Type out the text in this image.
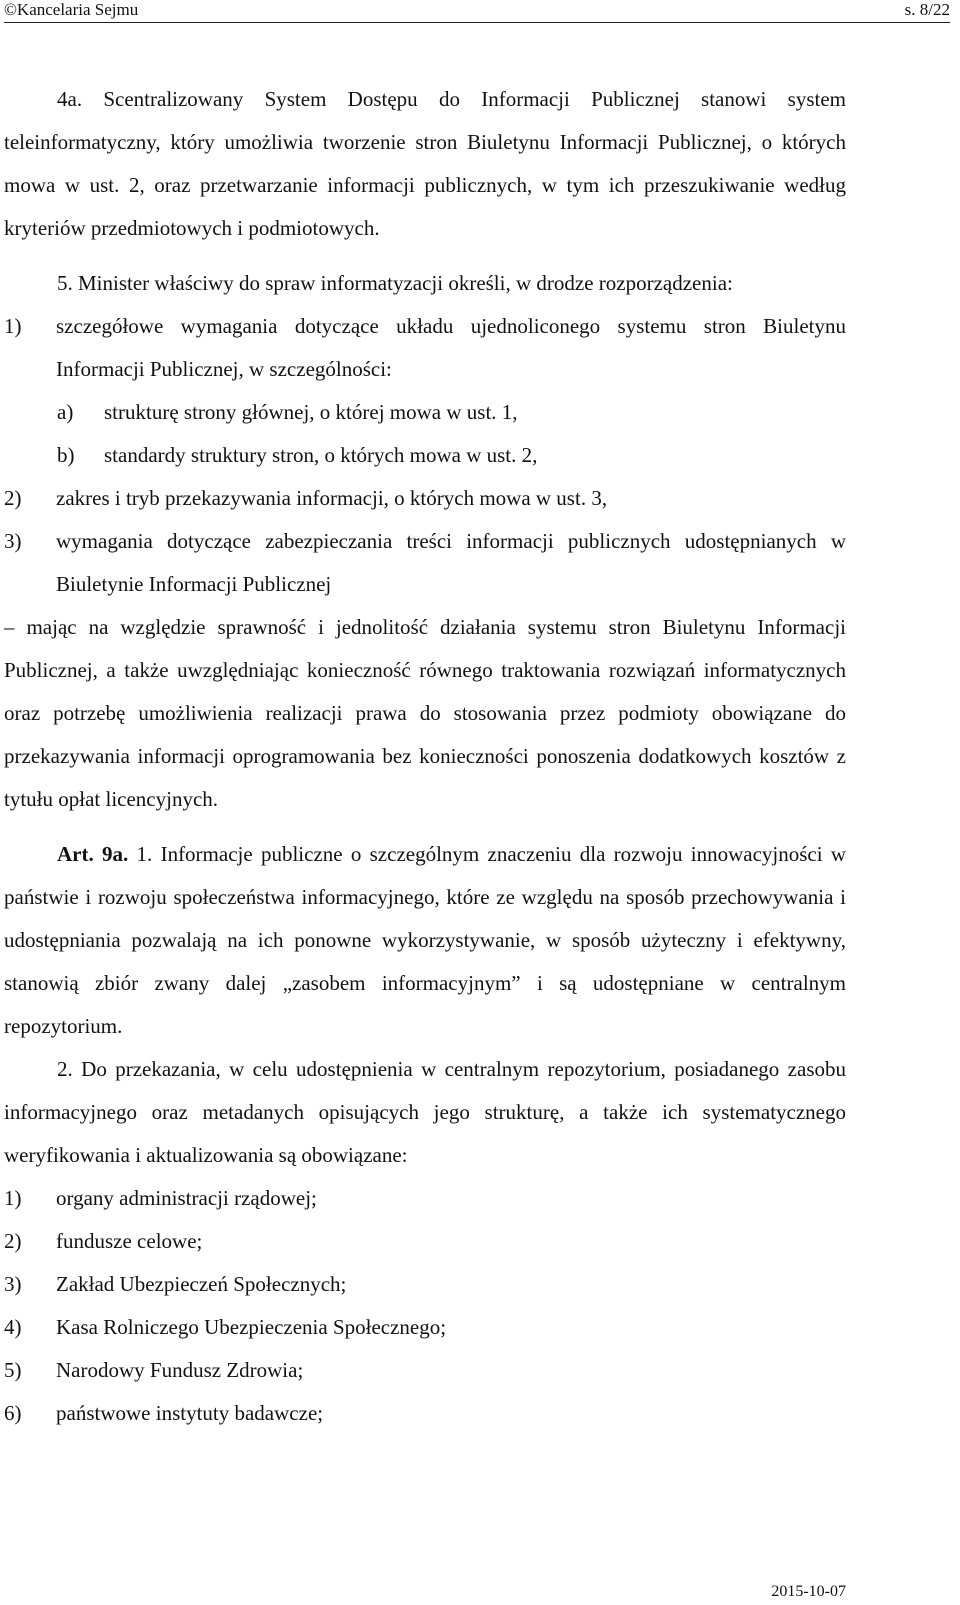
©Kancelaria Sejmu	s. 8/22

4a. Scentralizowany System Dostępu do Informacji Publicznej stanowi system teleinformatyczny, który umożliwia tworzenie stron Biuletynu Informacji Publicznej, o których mowa w ust. 2, oraz przetwarzanie informacji publicznych, w tym ich przeszukiwanie według kryteriów przedmiotowych i podmiotowych.

5. Minister właściwy do spraw informatyzacji określi, w drodze rozporządzenia:

1)	szczegółowe wymagania dotyczące układu ujednoliconego systemu stron Biuletynu Informacji Publicznej, w szczególności:
a)	strukturę strony głównej, o której mowa w ust. 1,
b)	standardy struktury stron, o których mowa w ust. 2,
2)	zakres i tryb przekazywania informacji, o których mowa w ust. 3,
3)	wymagania dotyczące zabezpieczania treści informacji publicznych udostępnianych w Biuletynie Informacji Publicznej

– mając na względzie sprawność i jednolitość działania systemu stron Biuletynu Informacji Publicznej, a także uwzględniając konieczność równego traktowania rozwiązań informatycznych oraz potrzebę umożliwienia realizacji prawa do stosowania przez podmioty obowiązane do przekazywania informacji oprogramowania bez konieczności ponoszenia dodatkowych kosztów z tytułu opłat licencyjnych.

Art. 9a. 1. Informacje publiczne o szczególnym znaczeniu dla rozwoju innowacyjności w państwie i rozwoju społeczeństwa informacyjnego, które ze względu na sposób przechowywania i udostępniania pozwalają na ich ponowne wykorzystywanie, w sposób użyteczny i efektywny, stanowią zbiór zwany dalej „zasobem informacyjnym” i są udostępniane w centralnym repozytorium.

2. Do przekazania, w celu udostępnienia w centralnym repozytorium, posiadanego zasobu informacyjnego oraz metadanych opisujących jego strukturę, a także ich systematycznego weryfikowania i aktualizowania są obowiązane:

1)	organy administracji rządowej;
2)	fundusze celowe;
3)	Zakład Ubezpieczeń Społecznych;
4)	Kasa Rolniczego Ubezpieczenia Społecznego;
5)	Narodowy Fundusz Zdrowia;
6)	państwowe instytuty badawcze;
2015-10-07
